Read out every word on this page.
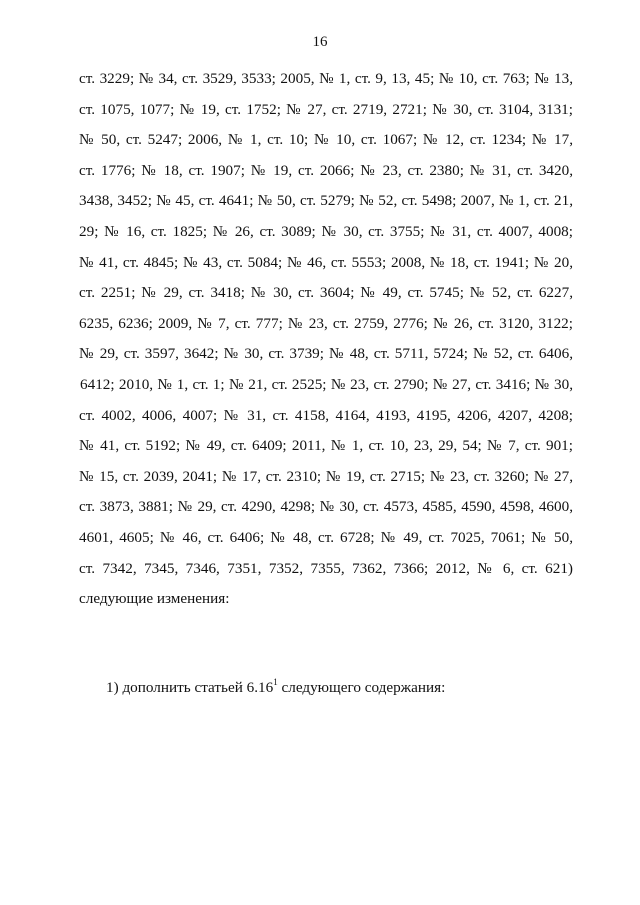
16
ст. 3229; № 34, ст. 3529, 3533; 2005, № 1, ст. 9, 13, 45; № 10, ст. 763; № 13,
ст. 1075, 1077; № 19, ст. 1752; № 27, ст. 2719, 2721; № 30, ст. 3104, 3131;
№ 50, ст. 5247; 2006, № 1, ст. 10; № 10, ст. 1067; № 12, ст. 1234; № 17,
ст. 1776; № 18, ст. 1907; № 19, ст. 2066; № 23, ст. 2380; № 31, ст. 3420,
3438, 3452; № 45, ст. 4641; № 50, ст. 5279; № 52, ст. 5498; 2007, № 1, ст. 21,
29; № 16, ст. 1825; № 26, ст. 3089; № 30, ст. 3755; № 31, ст. 4007, 4008;
№ 41, ст. 4845; № 43, ст. 5084; № 46, ст. 5553; 2008, № 18, ст. 1941; № 20,
ст. 2251; № 29, ст. 3418; № 30, ст. 3604; № 49, ст. 5745; № 52, ст. 6227,
6235, 6236; 2009, № 7, ст. 777; № 23, ст. 2759, 2776; № 26, ст. 3120, 3122;
№ 29, ст. 3597, 3642; № 30, ст. 3739; № 48, ст. 5711, 5724; № 52, ст. 6406,
6412; 2010, № 1, ст. 1; № 21, ст. 2525; № 23, ст. 2790; № 27, ст. 3416; № 30,
ст. 4002, 4006, 4007; № 31, ст. 4158, 4164, 4193, 4195, 4206, 4207, 4208;
№ 41, ст. 5192; № 49, ст. 6409; 2011, № 1, ст. 10, 23, 29, 54; № 7, ст. 901;
№ 15, ст. 2039, 2041; № 17, ст. 2310; № 19, ст. 2715; № 23, ст. 3260; № 27,
ст. 3873, 3881; № 29, ст. 4290, 4298; № 30, ст. 4573, 4585, 4590, 4598, 4600,
4601, 4605; № 46, ст. 6406; № 48, ст. 6728; № 49, ст. 7025, 7061; № 50,
ст. 7342, 7345, 7346, 7351, 7352, 7355, 7362, 7366; 2012, № 6, ст. 621)
следующие изменения:
1) дополнить статьей 6.16$^1$ следующего содержания:
